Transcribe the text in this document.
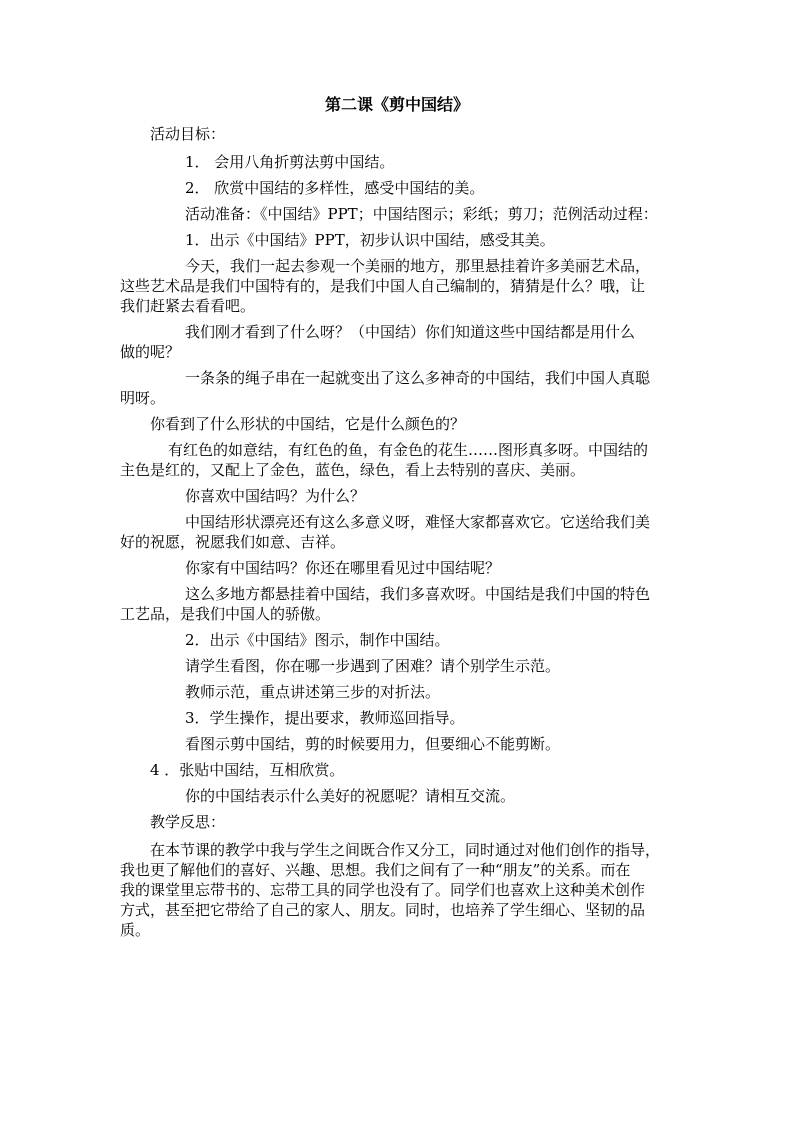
第二课《剪中国结》
活动目标：
1． 会用八角折剪法剪中国结。
2． 欣赏中国结的多样性，感受中国结的美。
活动准备：《中国结》PPT；中国结图示；彩纸；剪刀；范例活动过程：
1．出示《中国结》PPT，初步认识中国结，感受其美。
今天，我们一起去参观一个美丽的地方，那里悬挂着许多美丽艺术品，
这些艺术品是我们中国特有的，是我们中国人自己编制的，猜猜是什么？哦，让
我们赶紧去看看吧。
我们刚才看到了什么呀？（中国结）你们知道这些中国结都是用什么
做的呢？
一条条的绳子串在一起就变出了这么多神奇的中国结，我们中国人真聪
明呀。
你看到了什么形状的中国结，它是什么颜色的？
有红色的如意结，有红色的鱼，有金色的花生……图形真多呀。中国结的
主色是红的，又配上了金色，蓝色，绿色，看上去特别的喜庆、美丽。
你喜欢中国结吗？为什么？
中国结形状漂亮还有这么多意义呀，难怪大家都喜欢它。它送给我们美
好的祝愿，祝愿我们如意、吉祥。
你家有中国结吗？你还在哪里看见过中国结呢？
这么多地方都悬挂着中国结，我们多喜欢呀。中国结是我们中国的特色
工艺品，是我们中国人的骄傲。
2．出示《中国结》图示，制作中国结。
请学生看图，你在哪一步遇到了困难？请个别学生示范。
教师示范，重点讲述第三步的对折法。
3．学生操作，提出要求，教师巡回指导。
看图示剪中国结，剪的时候要用力，但要细心不能剪断。
4 ．张贴中国结，互相欣赏。
你的中国结表示什么美好的祝愿呢？请相互交流。
教学反思：
在本节课的教学中我与学生之间既合作又分工，同时通过对他们创作的指导，
我也更了解他们的喜好、兴趣、思想。我们之间有了一种“朋友”的关系。而在
我的课堂里忘带书的、忘带工具的同学也没有了。同学们也喜欢上这种美术创作
方式，甚至把它带给了自己的家人、朋友。同时，也培养了学生细心、坚韧的品
质。
